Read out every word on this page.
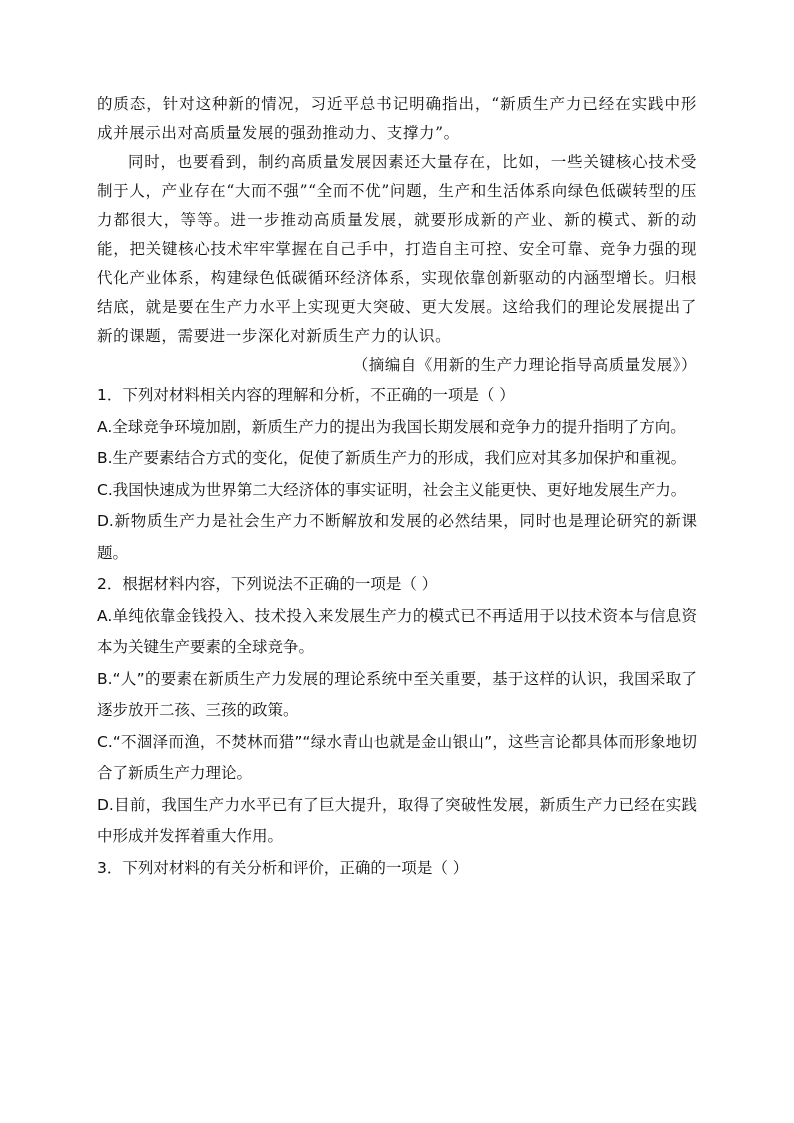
的质态，针对这种新的情况，习近平总书记明确指出，“新质生产力已经在实践中形成并展示出对高质量发展的强劲推动力、支撑力”。

同时，也要看到，制约高质量发展因素还大量存在，比如，一些关键核心技术受制于人，产业存在“大而不强”“全而不优”问题，生产和生活体系向绿色低碳转型的压力都很大，等等。进一步推动高质量发展，就要形成新的产业、新的模式、新的动能，把关键核心技术牢牢掌握在自己手中，打造自主可控、安全可靠、竞争力强的现代化产业体系，构建绿色低碳循环经济体系，实现依靠创新驱动的内涵型增长。归根结底，就是要在生产力水平上实现更大突破、更大发展。这给我们的理论发展提出了新的课题，需要进一步深化对新质生产力的认识。

（摘编自《用新的生产力理论指导高质量发展》）

1．下列对材料相关内容的理解和分析，不正确的一项是（ ）

A.全球竞争环境加剧，新质生产力的提出为我国长期发展和竞争力的提升指明了方向。

B.生产要素结合方式的变化，促使了新质生产力的形成，我们应对其多加保护和重视。

C.我国快速成为世界第二大经济体的事实证明，社会主义能更快、更好地发展生产力。

D.新物质生产力是社会生产力不断解放和发展的必然结果，同时也是理论研究的新课题。

2．根据材料内容，下列说法不正确的一项是（ ）

A.单纯依靠金钱投入、技术投入来发展生产力的模式已不再适用于以技术资本与信息资本为关键生产要素的全球竞争。

B.“人”的要素在新质生产力发展的理论系统中至关重要，基于这样的认识，我国采取了逐步放开二孩、三孩的政策。

C.“不涸泽而渔，不焚林而猎”“绿水青山也就是金山银山”，这些言论都具体而形象地切合了新质生产力理论。

D.目前，我国生产力水平已有了巨大提升，取得了突破性发展，新质生产力已经在实践中形成并发挥着重大作用。

3．下列对材料的有关分析和评价，正确的一项是（ ）
